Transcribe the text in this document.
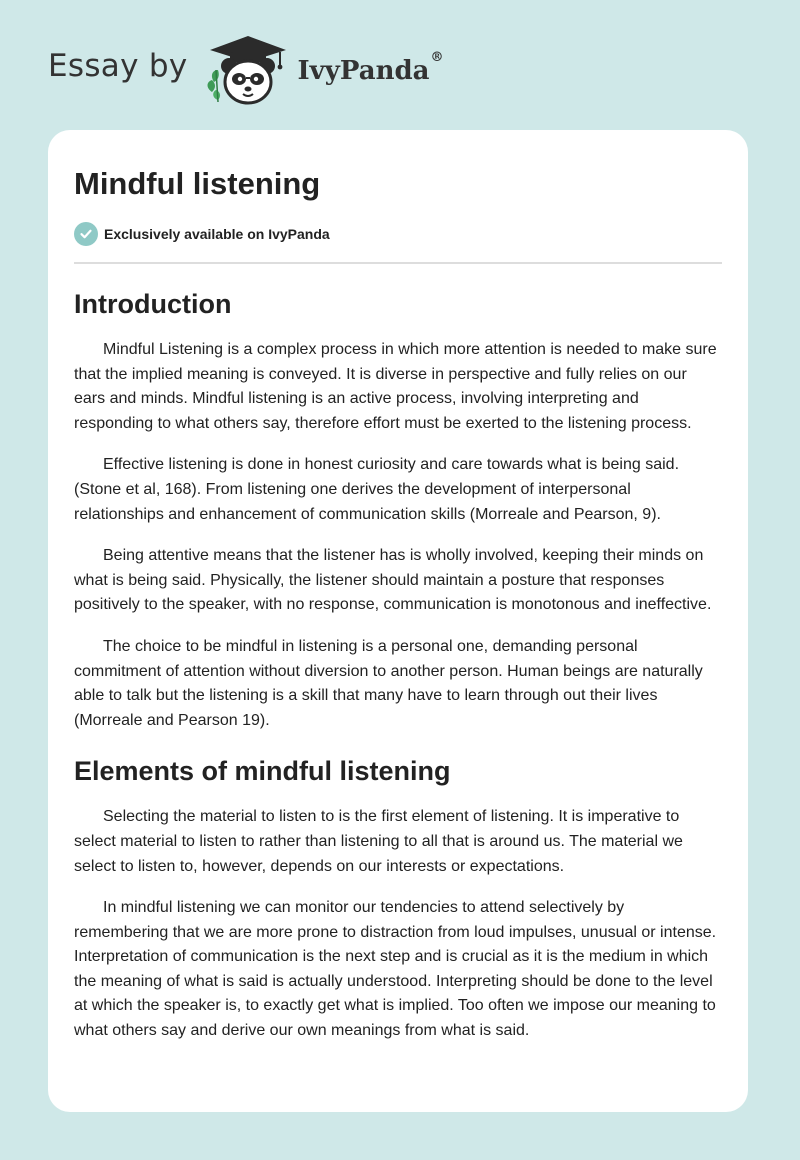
Essay by	IvyPanda®
Mindful listening
Exclusively available on IvyPanda
Introduction

Mindful Listening is a complex process in which more attention is needed to make sure that the implied meaning is conveyed. It is diverse in perspective and fully relies on our ears and minds. Mindful listening is an active process, involving interpreting and responding to what others say, therefore effort must be exerted to the listening process.

Effective listening is done in honest curiosity and care towards what is being said. (Stone et al, 168). From listening one derives the development of interpersonal relationships and enhancement of communication skills (Morreale and Pearson, 9).

Being attentive means that the listener has is wholly involved, keeping their minds on what is being said. Physically, the listener should maintain a posture that responses positively to the speaker, with no response, communication is monotonous and ineffective.

The choice to be mindful in listening is a personal one, demanding personal commitment of attention without diversion to another person. Human beings are naturally able to talk but the listening is a skill that many have to learn through out their lives (Morreale and Pearson 19).

Elements of mindful listening

Selecting the material to listen to is the first element of listening. It is imperative to select material to listen to rather than listening to all that is around us. The material we select to listen to, however, depends on our interests or expectations.

In mindful listening we can monitor our tendencies to attend selectively by remembering that we are more prone to distraction from loud impulses, unusual or intense. Interpretation of communication is the next step and is crucial as it is the medium in which the meaning of what is said is actually understood. Interpreting should be done to the level at which the speaker is, to exactly get what is implied. Too often we impose our meaning to what others say and derive our own meanings from what is said.
